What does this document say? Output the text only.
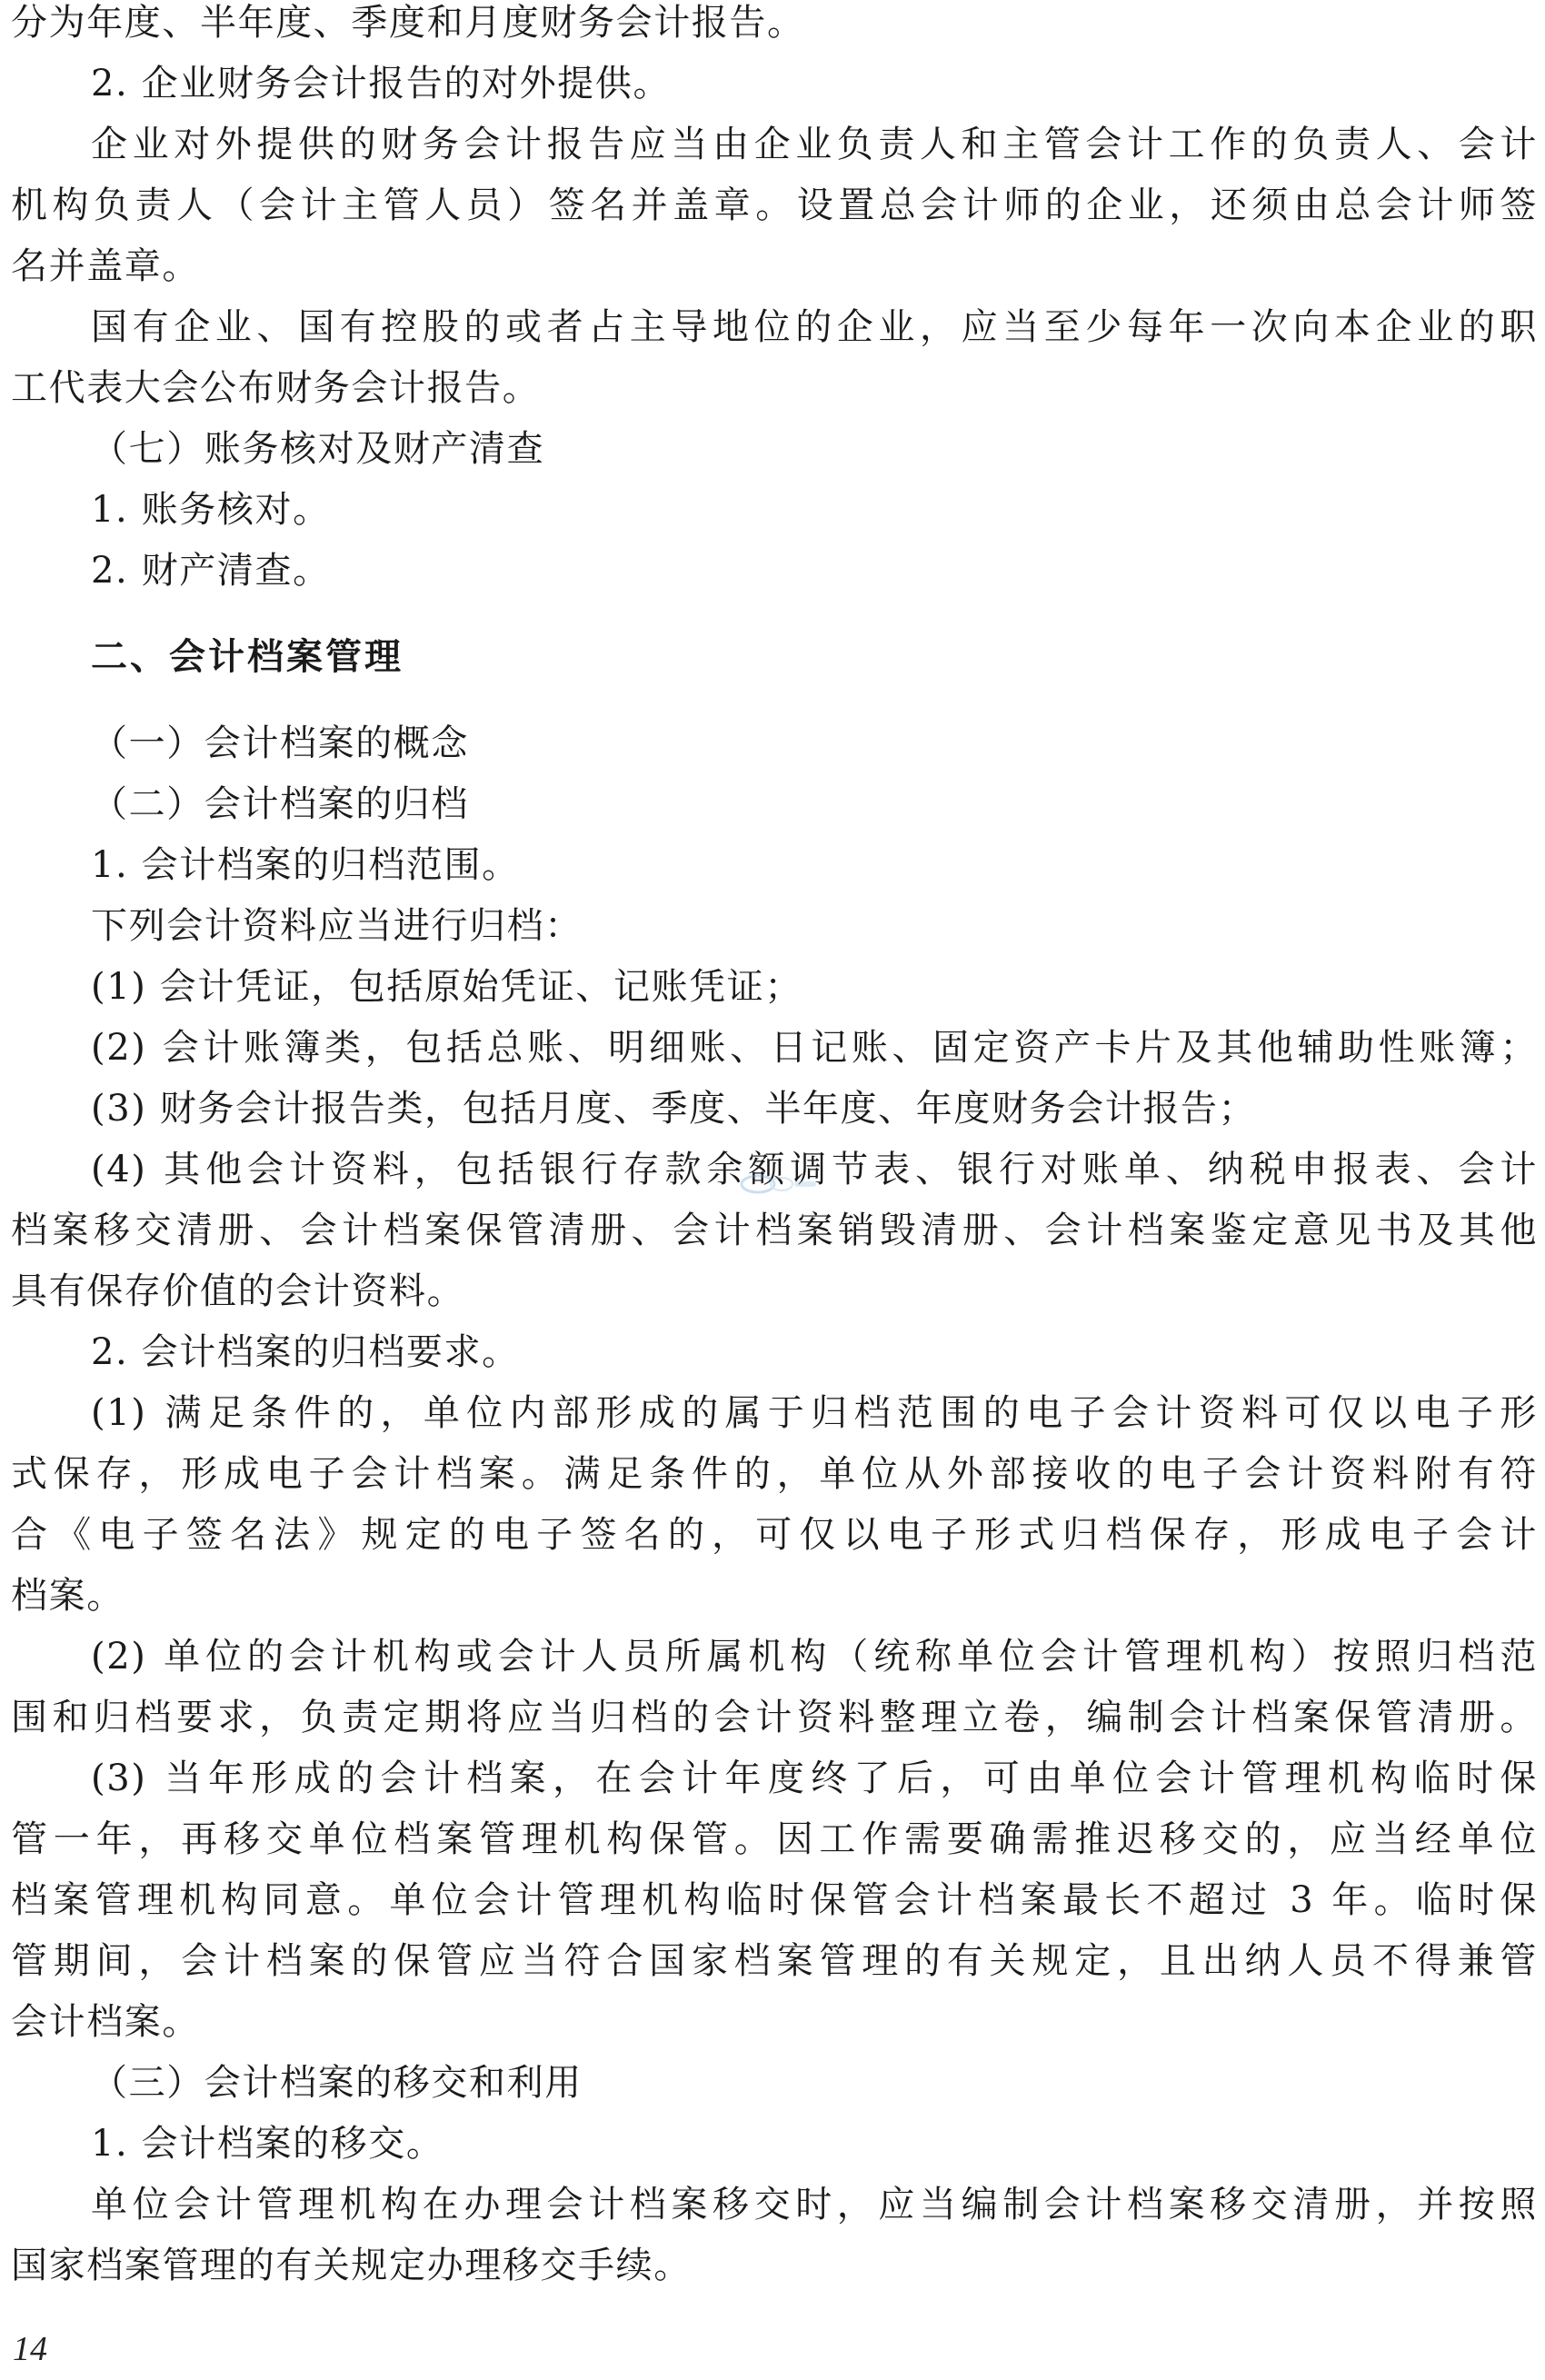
分为年度、半年度、季度和月度财务会计报告。
2. 企业财务会计报告的对外提供。
企业对外提供的财务会计报告应当由企业负责人和主管会计工作的负责人、会计
机构负责人（会计主管人员）签名并盖章。设置总会计师的企业，还须由总会计师签
名并盖章。
国有企业、国有控股的或者占主导地位的企业，应当至少每年一次向本企业的职
工代表大会公布财务会计报告。
（七）账务核对及财产清查
1. 账务核对。
2. 财产清查。
二、会计档案管理
（一）会计档案的概念
（二）会计档案的归档
1. 会计档案的归档范围。
下列会计资料应当进行归档：
(1) 会计凭证，包括原始凭证、记账凭证；
(2) 会计账簿类，包括总账、明细账、日记账、固定资产卡片及其他辅助性账簿；
(3) 财务会计报告类，包括月度、季度、半年度、年度财务会计报告；
(4) 其他会计资料，包括银行存款余额调节表、银行对账单、纳税申报表、会计
档案移交清册、会计档案保管清册、会计档案销毁清册、会计档案鉴定意见书及其他
具有保存价值的会计资料。
2. 会计档案的归档要求。
(1) 满足条件的，单位内部形成的属于归档范围的电子会计资料可仅以电子形
式保存，形成电子会计档案。满足条件的，单位从外部接收的电子会计资料附有符
合《电子签名法》规定的电子签名的，可仅以电子形式归档保存，形成电子会计
档案。
(2) 单位的会计机构或会计人员所属机构（统称单位会计管理机构）按照归档范
围和归档要求，负责定期将应当归档的会计资料整理立卷，编制会计档案保管清册。
(3) 当年形成的会计档案，在会计年度终了后，可由单位会计管理机构临时保
管一年，再移交单位档案管理机构保管。因工作需要确需推迟移交的，应当经单位
档案管理机构同意。单位会计管理机构临时保管会计档案最长不超过 3 年。临时保
管期间，会计档案的保管应当符合国家档案管理的有关规定，且出纳人员不得兼管
会计档案。
（三）会计档案的移交和利用
1. 会计档案的移交。
单位会计管理机构在办理会计档案移交时，应当编制会计档案移交清册，并按照
国家档案管理的有关规定办理移交手续。
14
